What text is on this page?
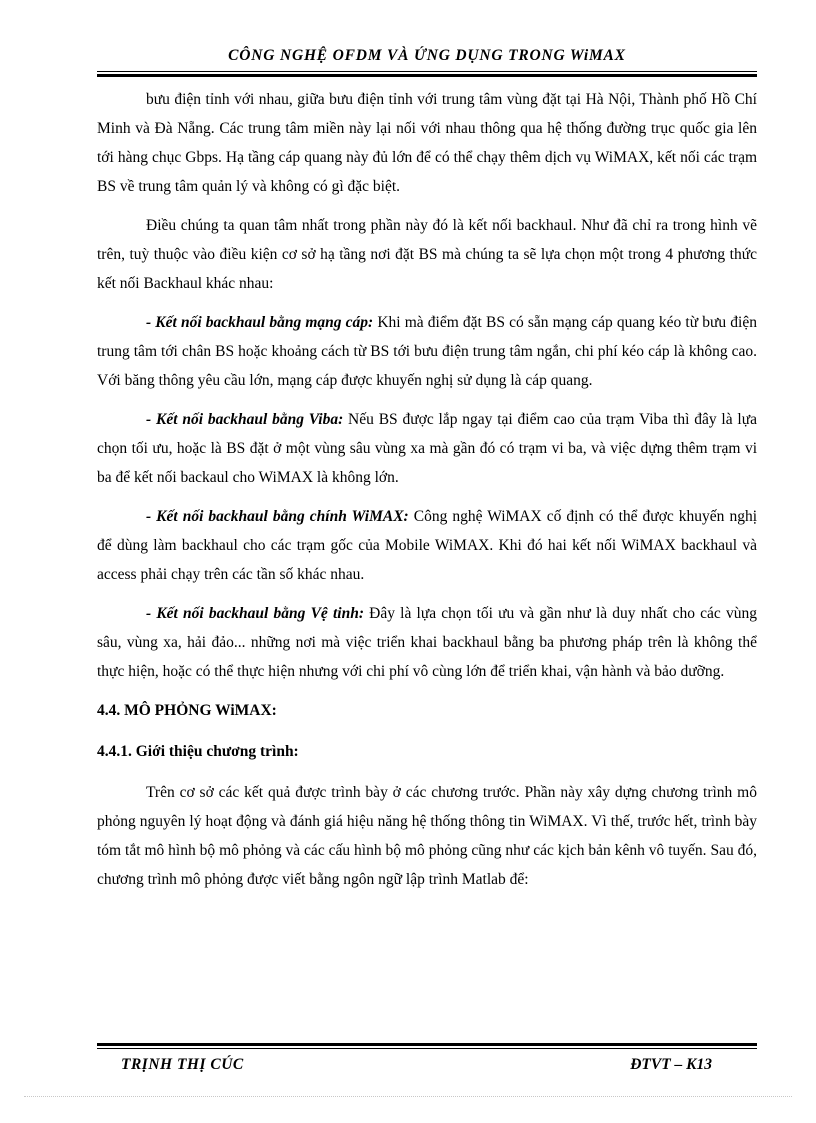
CÔNG NGHỆ OFDM VÀ ỨNG DỤNG TRONG WiMAX

bưu điện tỉnh với nhau, giữa bưu điện tỉnh với trung tâm vùng đặt tại Hà Nội, Thành phố Hồ Chí Minh và Đà Nẵng. Các trung tâm miền này lại nối với nhau thông qua hệ thống đường trục quốc gia lên tới hàng chục Gbps. Hạ tầng cáp quang này đủ lớn để có thể chạy thêm dịch vụ WiMAX, kết nối các trạm BS về trung tâm quản lý và không có gì đặc biệt.

Điều chúng ta quan tâm nhất trong phần này đó là kết nối backhaul. Như đã chỉ ra trong hình vẽ trên, tuỳ thuộc vào điều kiện cơ sở hạ tầng nơi đặt BS mà chúng ta sẽ lựa chọn một trong 4 phương thức kết nối Backhaul khác nhau:

- Kết nối backhaul bằng mạng cáp: Khi mà điểm đặt BS có sẵn mạng cáp quang kéo từ bưu điện trung tâm tới chân BS hoặc khoảng cách từ BS tới bưu điện trung tâm ngắn, chi phí kéo cáp là không cao. Với băng thông yêu cầu lớn, mạng cáp được khuyến nghị sử dụng là cáp quang.

- Kết nối backhaul bằng Viba: Nếu BS được lắp ngay tại điểm cao của trạm Viba thì đây là lựa chọn tối ưu, hoặc là BS đặt ở một vùng sâu vùng xa mà gần đó có trạm vi ba, và việc dựng thêm trạm vi ba để kết nối backaul cho WiMAX là không lớn.

- Kết nối backhaul bằng chính WiMAX: Công nghệ WiMAX cố định có thể được khuyến nghị để dùng làm backhaul cho các trạm gốc của Mobile WiMAX. Khi đó hai kết nối WiMAX backhaul và access phải chạy trên các tần số khác nhau.

- Kết nối backhaul bằng Vệ tinh: Đây là lựa chọn tối ưu và gần như là duy nhất cho các vùng sâu, vùng xa, hải đảo... những nơi mà việc triển khai backhaul bằng ba phương pháp trên là không thể thực hiện, hoặc có thể thực hiện nhưng với chi phí vô cùng lớn để triển khai, vận hành và bảo dưỡng.

4.4. MÔ PHỎNG WiMAX:
4.4.1. Giới thiệu chương trình:

Trên cơ sở các kết quả được trình bày ở các chương trước. Phần này xây dựng chương trình mô phỏng nguyên lý hoạt động và đánh giá hiệu năng hệ thống thông tin WiMAX. Vì thế, trước hết, trình bày tóm tắt mô hình bộ mô phỏng và các cấu hình bộ mô phỏng cũng như các kịch bản kênh vô tuyến. Sau đó, chương trình mô phỏng được viết bằng ngôn ngữ lập trình Matlab để:

TRỊNH THỊ CÚC	ĐTVT – K13
